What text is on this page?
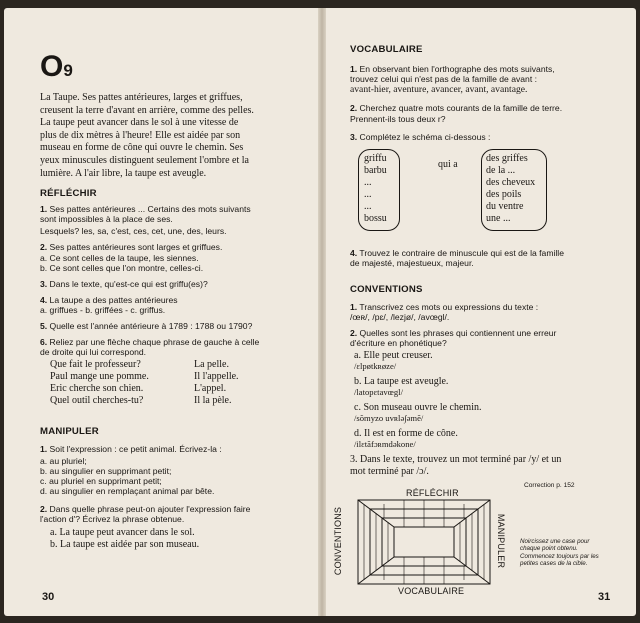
O9
La Taupe. Ses pattes antérieures, larges et griffues,
creusent la terre d'avant en arrière, comme des pelles.
La taupe peut avancer dans le sol à une vitesse de
plus de dix mètres à l'heure! Elle est aidée par son
museau en forme de cône qui ouvre le chemin. Ses
yeux minuscules distinguent seulement l'ombre et la
lumière. A l'air libre, la taupe est aveugle.
RÉFLÉCHIR
1. Ses pattes antérieures ... Certains des mots suivants
sont impossibles à la place de ses.
Lesquels? les, sa, c'est, ces, cet, une, des, leurs.
2. Ses pattes antérieures sont larges et griffues.
a. Ce sont celles de la taupe, les siennes.
b. Ce sont celles que l'on montre, celles-ci.
3. Dans le texte, qu'est-ce qui est griffu(es)?
4. La taupe a des pattes antérieures
a. griffues - b. griffées - c. griffus.
5. Quelle est l'année antérieure à 1789 : 1788 ou 1790?
6. Reliez par une flèche chaque phrase de gauche à celle
de droite qui lui correspond.
Que fait le professeur?
Paul mange une pomme.
Eric cherche son chien.
Quel outil cherches-tu?
La pelle.
Il l'appelle.
L'appel.
Il la pèle.
MANIPULER
1. Soit l'expression : ce petit animal. Écrivez-la :
a. au pluriel;
b. au singulier en supprimant petit;
c. au pluriel en supprimant petit;
d. au singulier en remplaçant animal par bête.
2. Dans quelle phrase peut-on ajouter l'expression faire
l'action d'? Écrivez la phrase obtenue.
a. La taupe peut avancer dans le sol.
b. La taupe est aidée par son museau.
30
VOCABULAIRE
1. En observant bien l'orthographe des mots suivants,
trouvez celui qui n'est pas de la famille de avant :
avant-hier, aventure, avancer, avant, avantage.
2. Cherchez quatre mots courants de la famille de terre.
Prennent-ils tous deux r?
3. Complétez le schéma ci-dessous :
griffu
barbu
...
...
...
bossu
qui a
des griffes
de la ...
des cheveux
des poils
du ventre
une ...
4. Trouvez le contraire de minuscule qui est de la famille
de majesté, majestueux, majeur.
CONVENTIONS
1. Transcrivez ces mots ou expressions du texte :
/œʀ/, /pɛ/, /lezjø/, /avœgl/.
2. Quelles sont les phrases qui contiennent une erreur
d'écriture en phonétique?
a. Elle peut creuser.
/ɛlpøtkʀøze/
b. La taupe est aveugle.
/latopɛtavœgl/
c. Son museau ouvre le chemin.
/sõmyzo uvʀlə∫əmẽ/
d. Il est en forme de cône.
/ilɛtãfɔʀmdəkone/
3. Dans le texte, trouvez un mot terminé par /y/ et un
mot terminé par /ɔ/.
Correction p. 152
RÉFLÉCHIR
VOCABULAIRE
CONVENTIONS	MANIPULER Noircissez une case pour
chaque point obtenu.
Commencez toujours par les
petites cases de la cible.
31
